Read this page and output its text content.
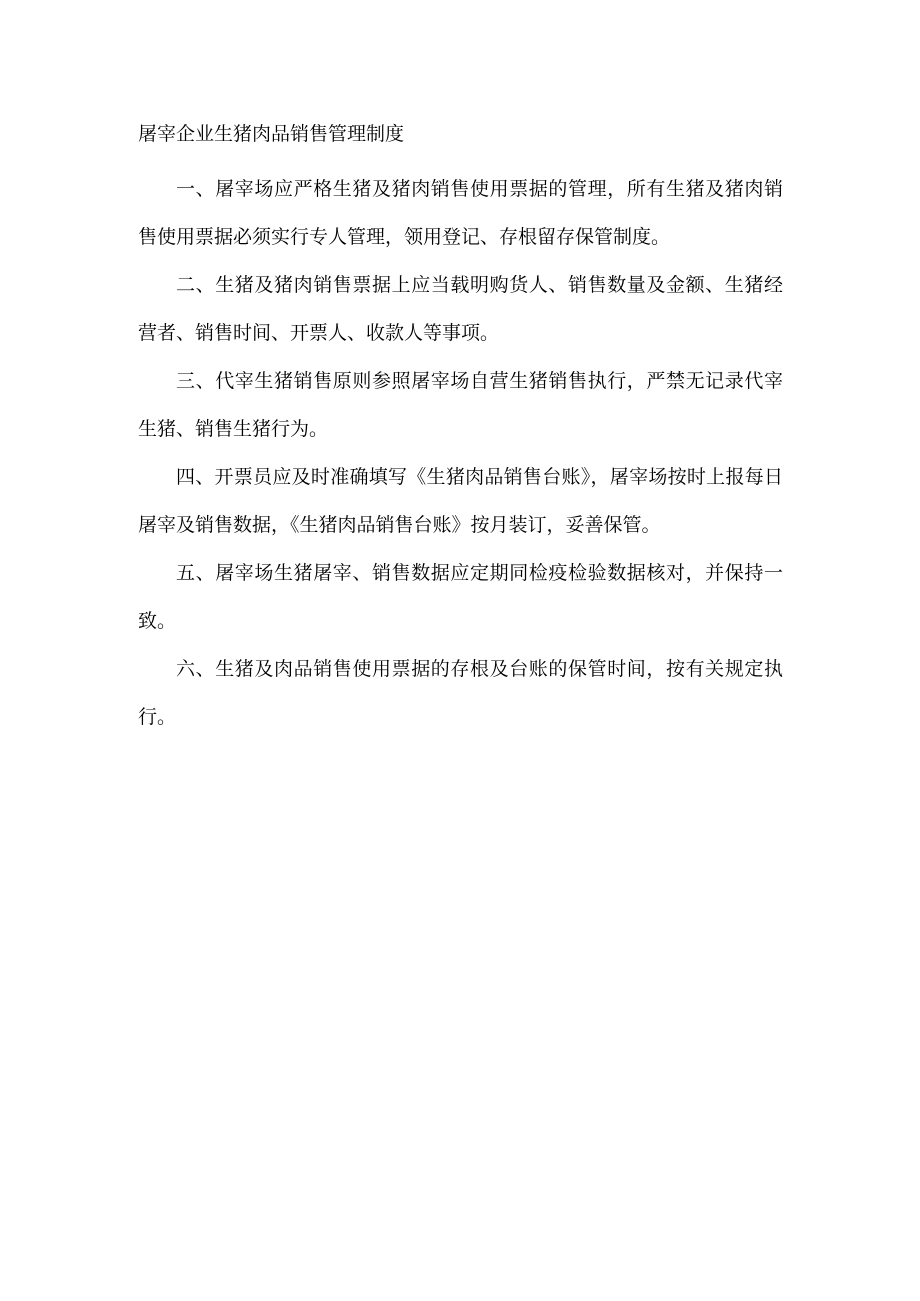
屠宰企业生猪肉品销售管理制度

一、屠宰场应严格生猪及猪肉销售使用票据的管理，所有生猪及猪肉销售使用票据必须实行专人管理，领用登记、存根留存保管制度。

二、生猪及猪肉销售票据上应当载明购货人、销售数量及金额、生猪经营者、销售时间、开票人、收款人等事项。

三、代宰生猪销售原则参照屠宰场自营生猪销售执行，严禁无记录代宰生猪、销售生猪行为。

四、开票员应及时准确填写《生猪肉品销售台账》，屠宰场按时上报每日屠宰及销售数据，《生猪肉品销售台账》按月装订，妥善保管。

五、屠宰场生猪屠宰、销售数据应定期同检疫检验数据核对，并保持一致。

六、生猪及肉品销售使用票据的存根及台账的保管时间，按有关规定执行。
